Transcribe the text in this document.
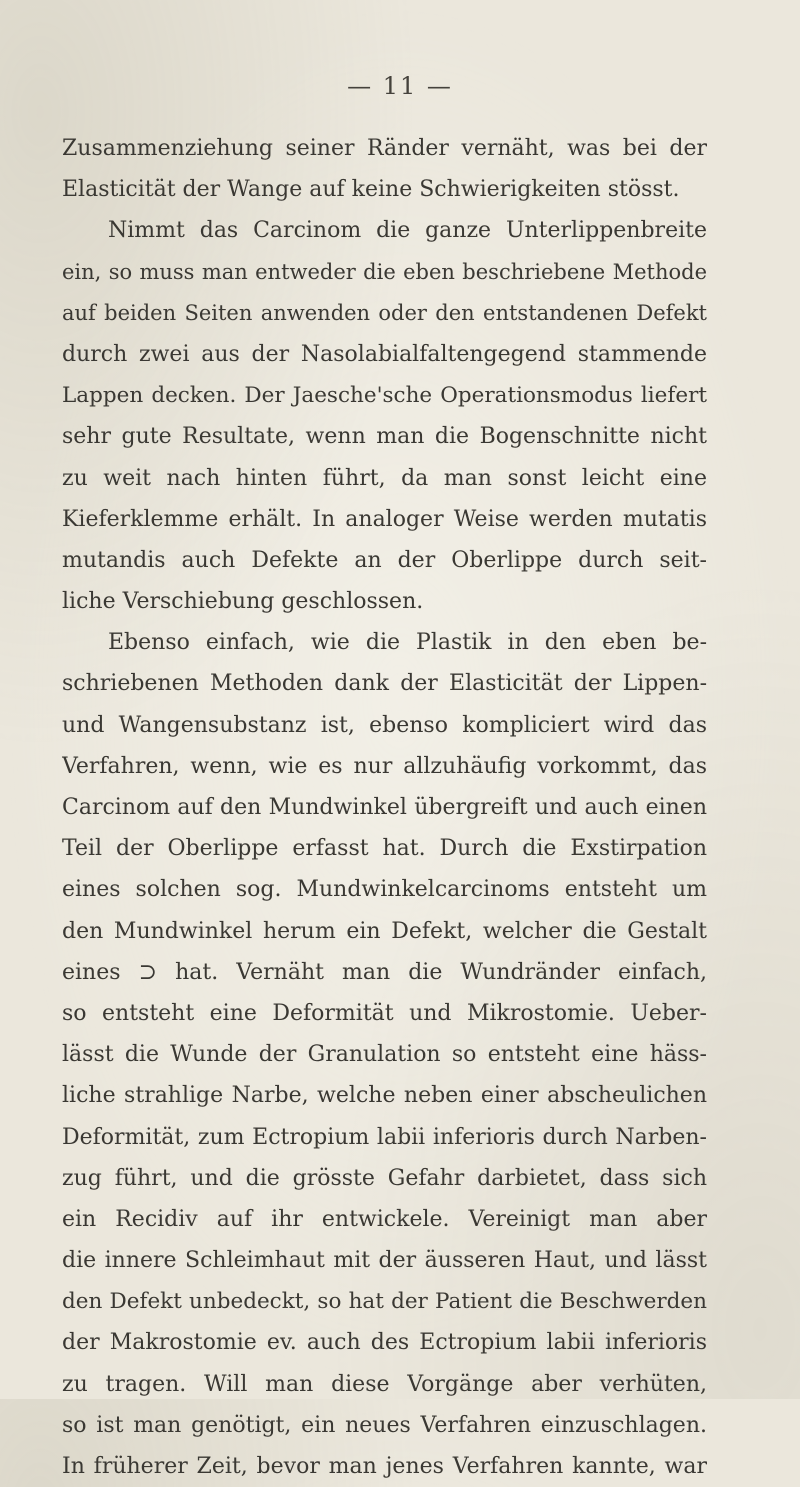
— 11 —
Zusammenziehung seiner Ränder vernäht, was bei der
Elasticität der Wange auf keine Schwierigkeiten stösst.
Nimmt das Carcinom die ganze Unterlippenbreite
ein, so muss man entweder die eben beschriebene Methode
auf beiden Seiten anwenden oder den entstandenen Defekt
durch zwei aus der Nasolabialfaltengegend stammende
Lappen decken. Der Jaesche'sche Operationsmodus liefert
sehr gute Resultate, wenn man die Bogenschnitte nicht
zu weit nach hinten führt, da man sonst leicht eine
Kieferklemme erhält. In analoger Weise werden mutatis
mutandis auch Defekte an der Oberlippe durch seit-
liche Verschiebung geschlossen.
Ebenso einfach, wie die Plastik in den eben be-
schriebenen Methoden dank der Elasticität der Lippen-
und Wangensubstanz ist, ebenso kompliciert wird das
Verfahren, wenn, wie es nur allzuhäufig vorkommt, das
Carcinom auf den Mundwinkel übergreift und auch einen
Teil der Oberlippe erfasst hat. Durch die Exstirpation
eines solchen sog. Mundwinkelcarcinoms entsteht um
den Mundwinkel herum ein Defekt, welcher die Gestalt
eines ⊃ hat. Vernäht man die Wundränder einfach,
so entsteht eine Deformität und Mikrostomie. Ueber-
lässt die Wunde der Granulation so entsteht eine häss-
liche strahlige Narbe, welche neben einer abscheulichen
Deformität, zum Ectropium labii inferioris durch Narben-
zug führt, und die grösste Gefahr darbietet, dass sich
ein Recidiv auf ihr entwickele. Vereinigt man aber
die innere Schleimhaut mit der äusseren Haut, und lässt
den Defekt unbedeckt, so hat der Patient die Beschwerden
der Makrostomie ev. auch des Ectropium labii inferioris
zu tragen. Will man diese Vorgänge aber verhüten,
so ist man genötigt, ein neues Verfahren einzuschlagen.
In früherer Zeit, bevor man jenes Verfahren kannte, war
